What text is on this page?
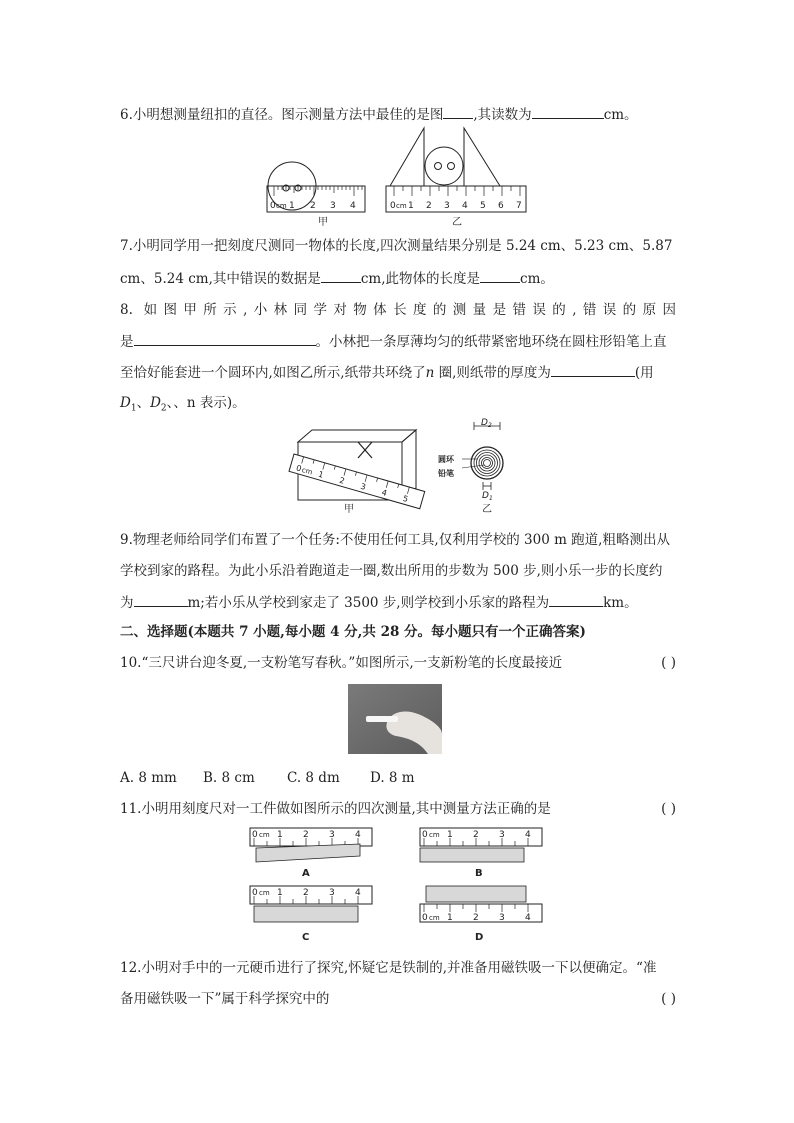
6.小明想测量纽扣的直径。图示测量方法中最佳的是图 ,其读数为	cm。
0 cm 1 2 3 4
甲
0 cm 1 2 3 4 5 6 7
乙
7.小明同学用一把刻度尺测同一物体的长度,四次测量结果分别是 5.24 cm、5.23 cm、5.87
cm、5.24 cm,其中错误的数据是	cm,此物体的长度是	cm。
8. 如图甲所示,小林同学对物体长度的测量是错误的,错误的原因
是	。小林把一条厚薄均匀的纸带紧密地环绕在圆柱形铅笔上直
至恰好能套进一个圆环内,如图乙所示,纸带共环绕了n 圈,则纸带的厚度为	(用
$D_1$、$D_2$、、n 表示)。
0
cm 1
2
3
4
5
甲
$D_2$
圆环
铅笔
$D_1$
乙
9.物理老师给同学们布置了一个任务:不使用任何工具,仅利用学校的 300 m 跑道,粗略测出从
学校到家的路程。为此小乐沿着跑道走一圈,数出所用的步数为 500 步,则小乐一步的长度约
为	m;若小乐从学校到家走了 3500 步,则学校到小乐家的路程为	km。
二、选择题(本题共 7 小题,每小题 4 分,共 28 分。每小题只有一个正确答案)
10.“三尺讲台迎冬夏,一支粉笔写春秋。”如图所示,一支新粉笔的长度最接近	( )
A. 8 mm B. 8 cm C. 8 dm D. 8 m
11.小明用刻度尺对一工件做如图所示的四次测量,其中测量方法正确的是	( )
0 cm 1 2 3 4
A
0 cm 1 2 3 4
B
0 cm 1 2 3 4
C
0 cm 1 2 3 4
D
12.小明对手中的一元硬币进行了探究,怀疑它是铁制的,并准备用磁铁吸一下以便确定。“准
备用磁铁吸一下”属于科学探究中的	( )
